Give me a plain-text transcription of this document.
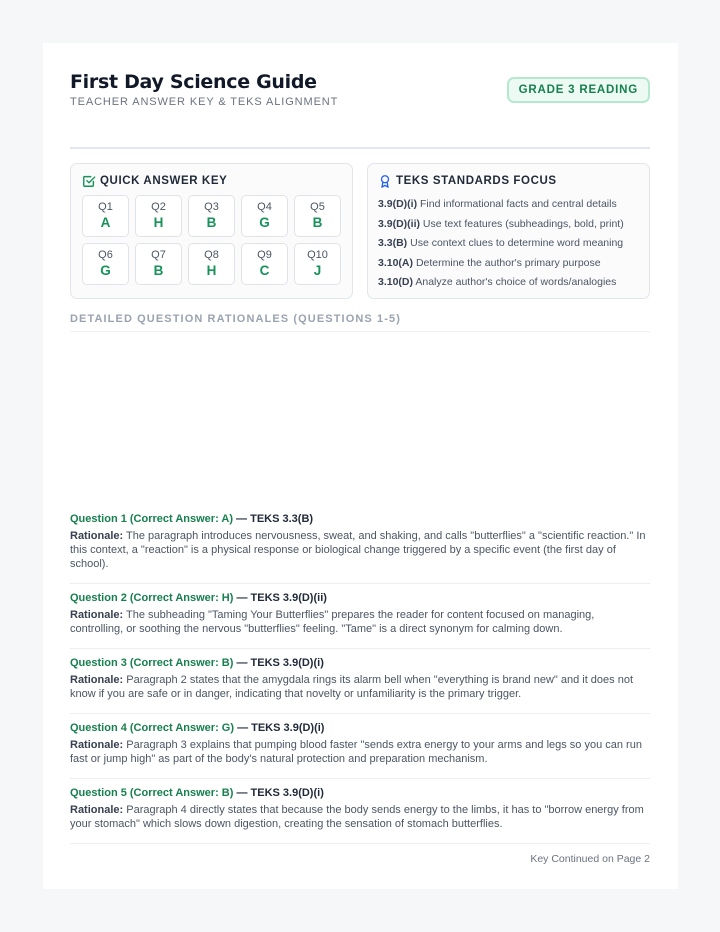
First Day Science Guide
TEACHER ANSWER KEY & TEKS ALIGNMENT
GRADE 3 READING
QUICK ANSWER KEY
Q1
A
Q2
H
Q3
B
Q4
G
Q5
B
Q6
G
Q7
B
Q8
H
Q9
C
Q10
J
TEKS STANDARDS FOCUS
3.9(D)(i) Find informational facts and central details
3.9(D)(ii) Use text features (subheadings, bold, print)
3.3(B) Use context clues to determine word meaning
3.10(A) Determine the author's primary purpose
3.10(D) Analyze author's choice of words/analogies
DETAILED QUESTION RATIONALES (QUESTIONS 1-5)
Question 1 (Correct Answer: A) — TEKS 3.3(B)
Rationale: The paragraph introduces nervousness, sweat, and shaking, and calls "butterflies" a "scientific reaction." In this context, a "reaction" is a physical response or biological change triggered by a specific event (the first day of school).
Question 2 (Correct Answer: H) — TEKS 3.9(D)(ii)
Rationale: The subheading "Taming Your Butterflies" prepares the reader for content focused on managing, controlling, or soothing the nervous "butterflies" feeling. "Tame" is a direct synonym for calming down.
Question 3 (Correct Answer: B) — TEKS 3.9(D)(i)
Rationale: Paragraph 2 states that the amygdala rings its alarm bell when "everything is brand new" and it does not know if you are safe or in danger, indicating that novelty or unfamiliarity is the primary trigger.
Question 4 (Correct Answer: G) — TEKS 3.9(D)(i)
Rationale: Paragraph 3 explains that pumping blood faster "sends extra energy to your arms and legs so you can run fast or jump high" as part of the body's natural protection and preparation mechanism.
Question 5 (Correct Answer: B) — TEKS 3.9(D)(i)
Rationale: Paragraph 4 directly states that because the body sends energy to the limbs, it has to "borrow energy from your stomach" which slows down digestion, creating the sensation of stomach butterflies.
Key Continued on Page 2
